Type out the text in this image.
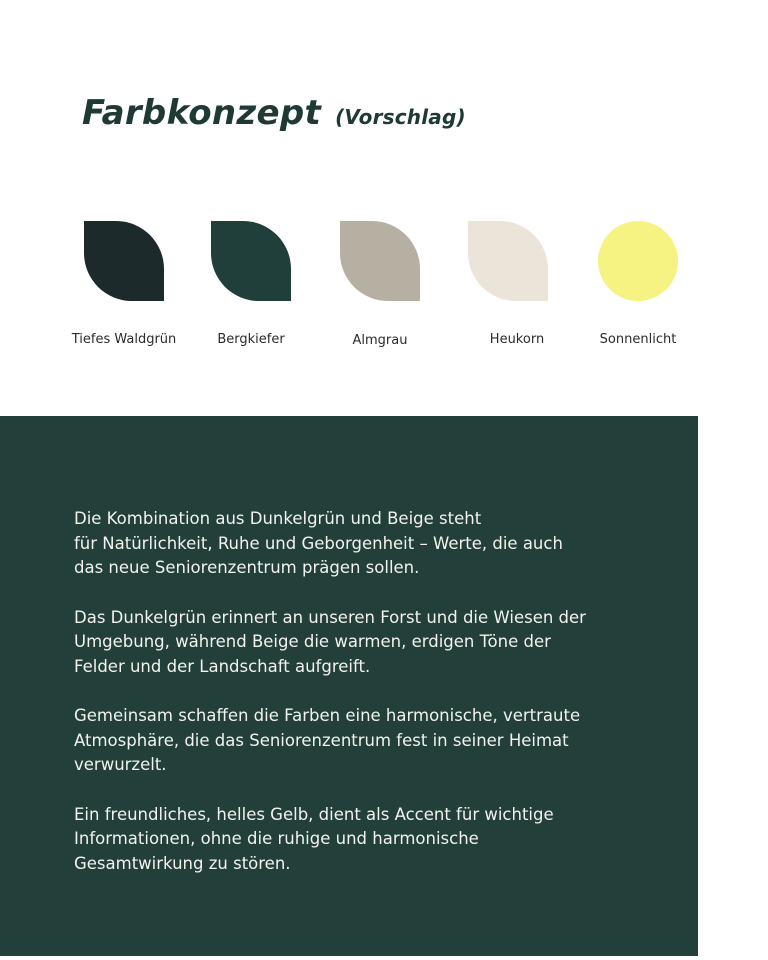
Farbkonzept (Vorschlag)
Tiefes Waldgrün	Bergkiefer	Almgrau	Heukorn	Sonnenlicht

Die Kombination aus Dunkelgrün und Beige steht
für Natürlichkeit, Ruhe und Geborgenheit – Werte, die auch
das neue Seniorenzentrum prägen sollen.

Das Dunkelgrün erinnert an unseren Forst und die Wiesen der
Umgebung, während Beige die warmen, erdigen Töne der
Felder und der Landschaft aufgreift.

Gemeinsam schaffen die Farben eine harmonische, vertraute
Atmosphäre, die das Seniorenzentrum fest in seiner Heimat
verwurzelt.

Ein freundliches, helles Gelb, dient als Accent für wichtige
Informationen, ohne die ruhige und harmonische
Gesamtwirkung zu stören.
